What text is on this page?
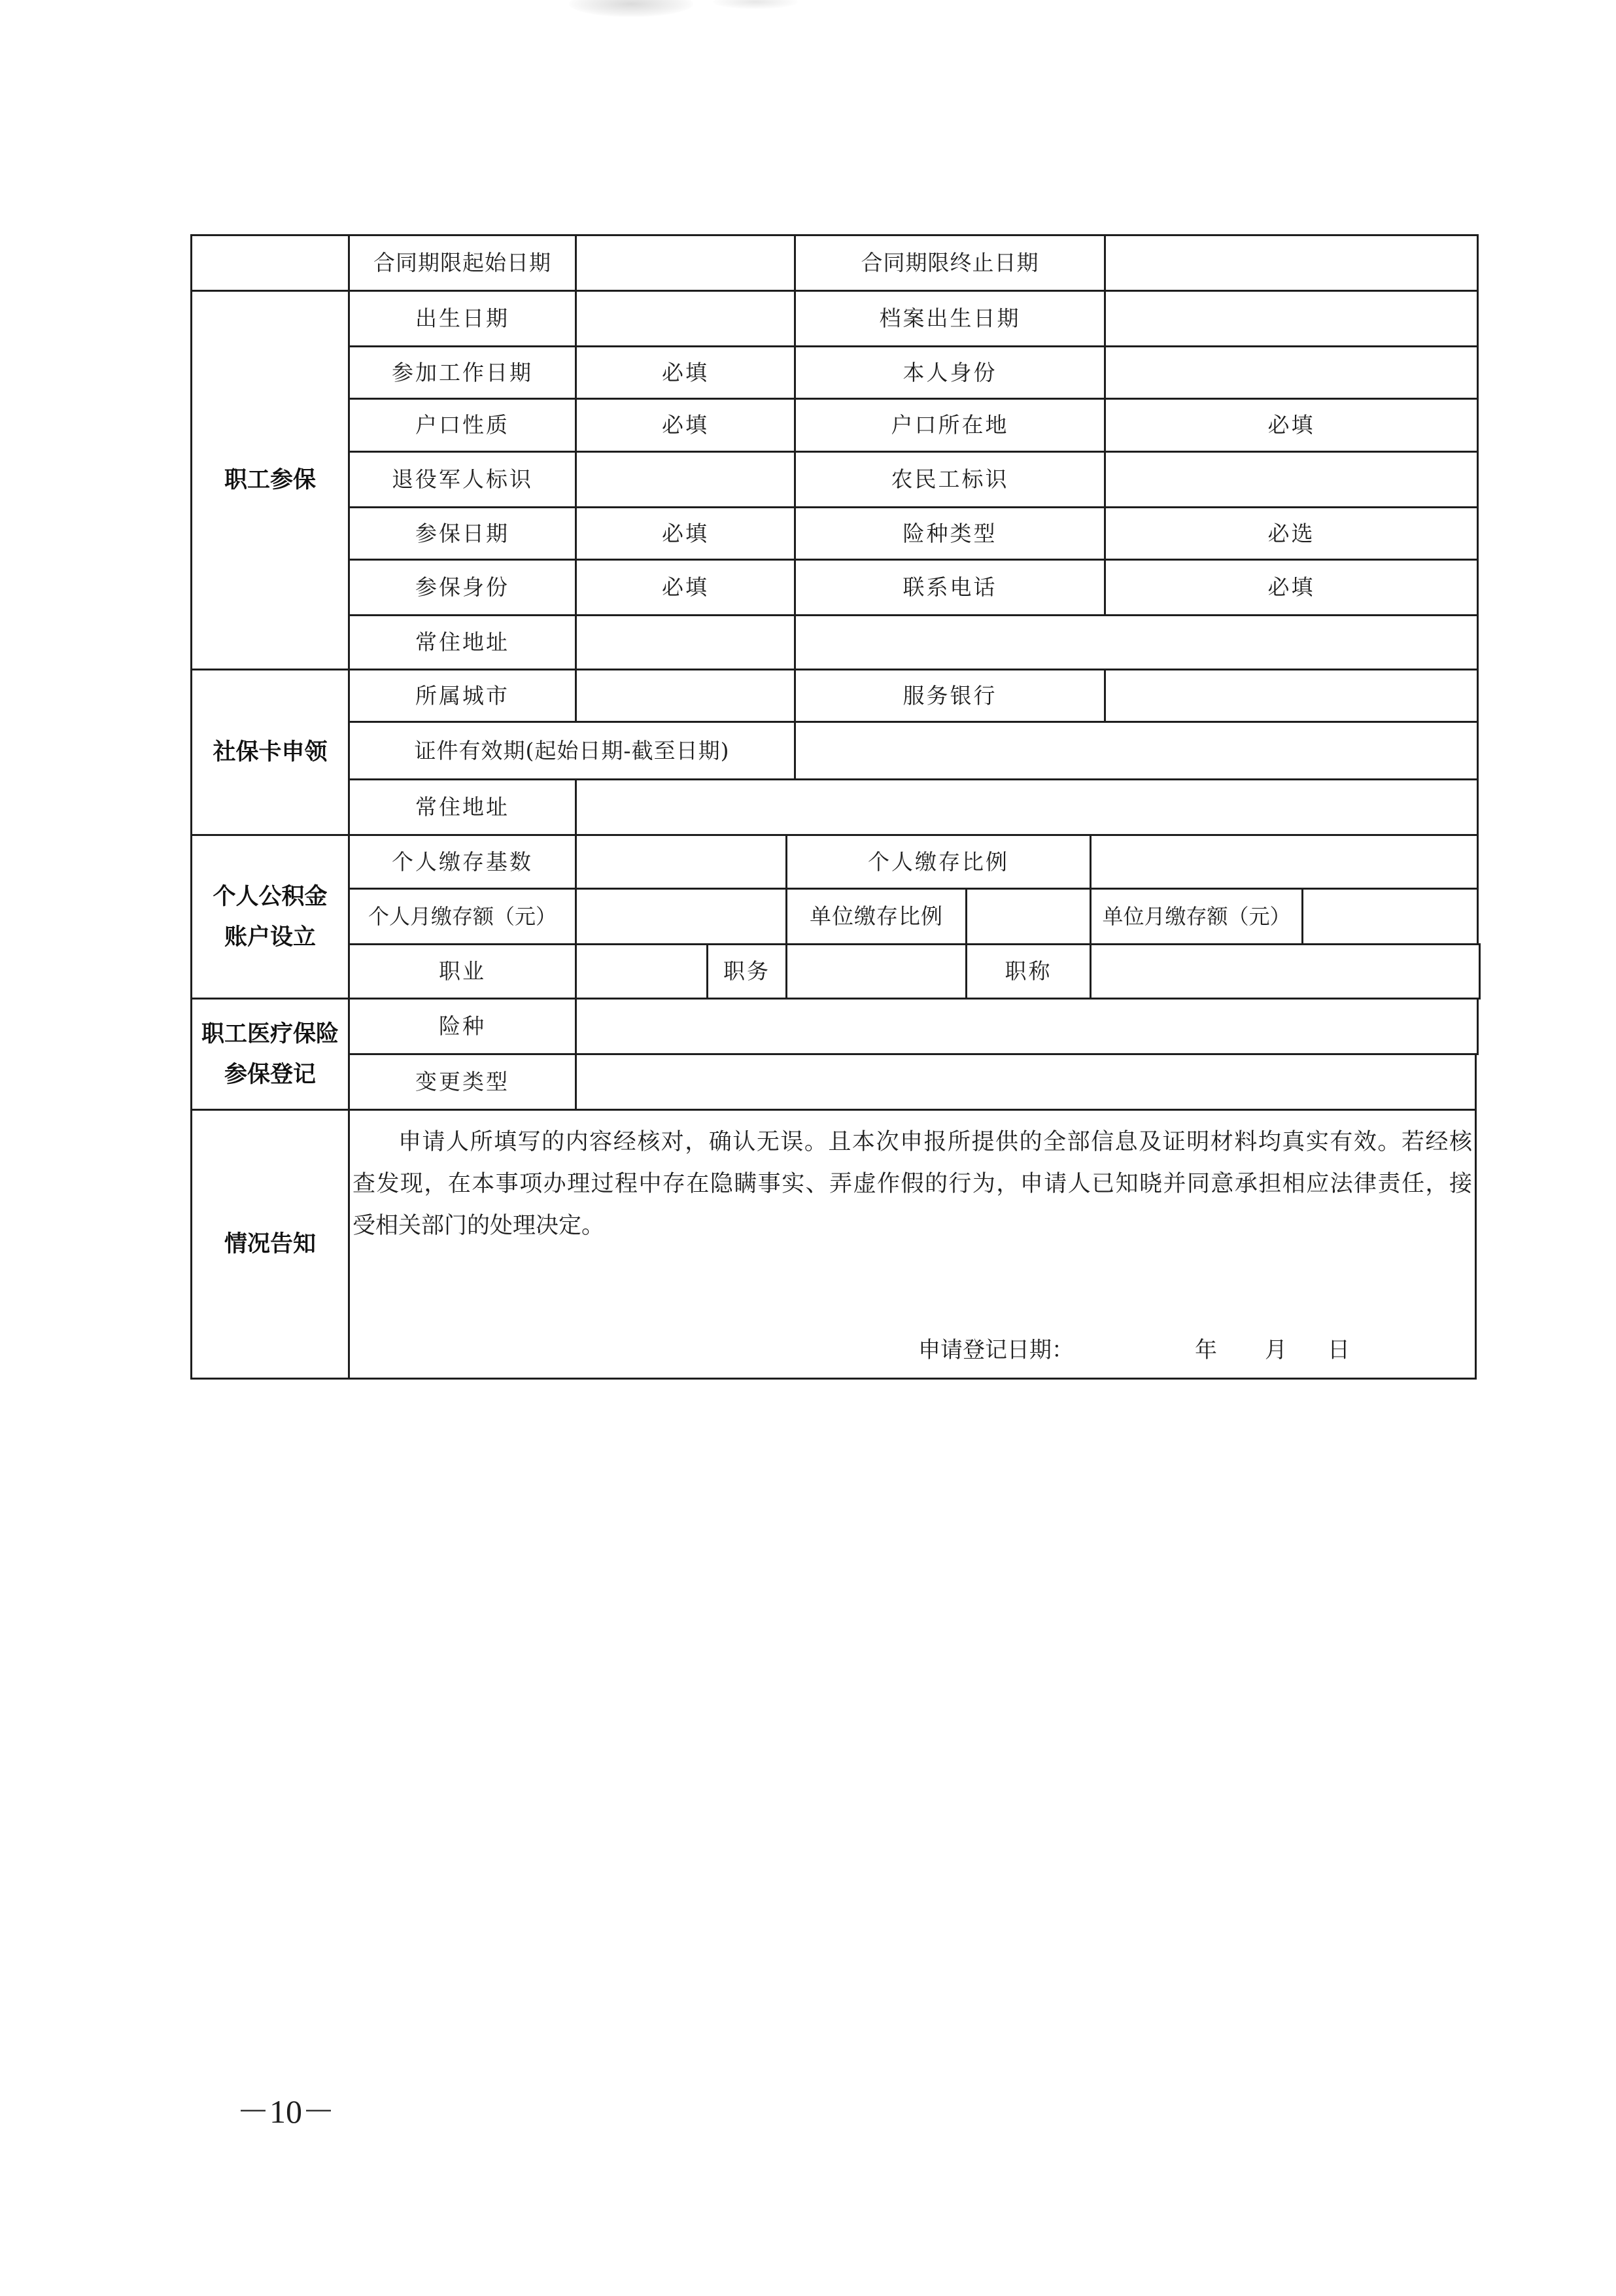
合同期限起始日期	合同期限终止日期
职工参保
出生日期	档案出生日期
参加工作日期	必填	本人身份
户口性质	必填	户口所在地	必填
退役军人标识	农民工标识
参保日期	必填	险种类型	必选
参保身份	必填	联系电话	必填
常住地址
社保卡申领
所属城市	服务银行
证件有效期(起始日期-截至日期)
常住地址
个人公积金
账户设立
个人缴存基数	个人缴存比例
个人月缴存额（元）	单位缴存比例	单位月缴存额（元）
职业	职务	职称
职工医疗保险
参保登记
险种
变更类型
情况告知
申请人所填写的内容经核对，确认无误。且本次申报所提供的全部信息及证明材料均真实有效。若经核
查发现，在本事项办理过程中存在隐瞒事实、弄虚作假的行为，申请人已知晓并同意承担相应法律责任，接
受相关部门的处理决定。
申请登记日期：	年 月 日
－10－
